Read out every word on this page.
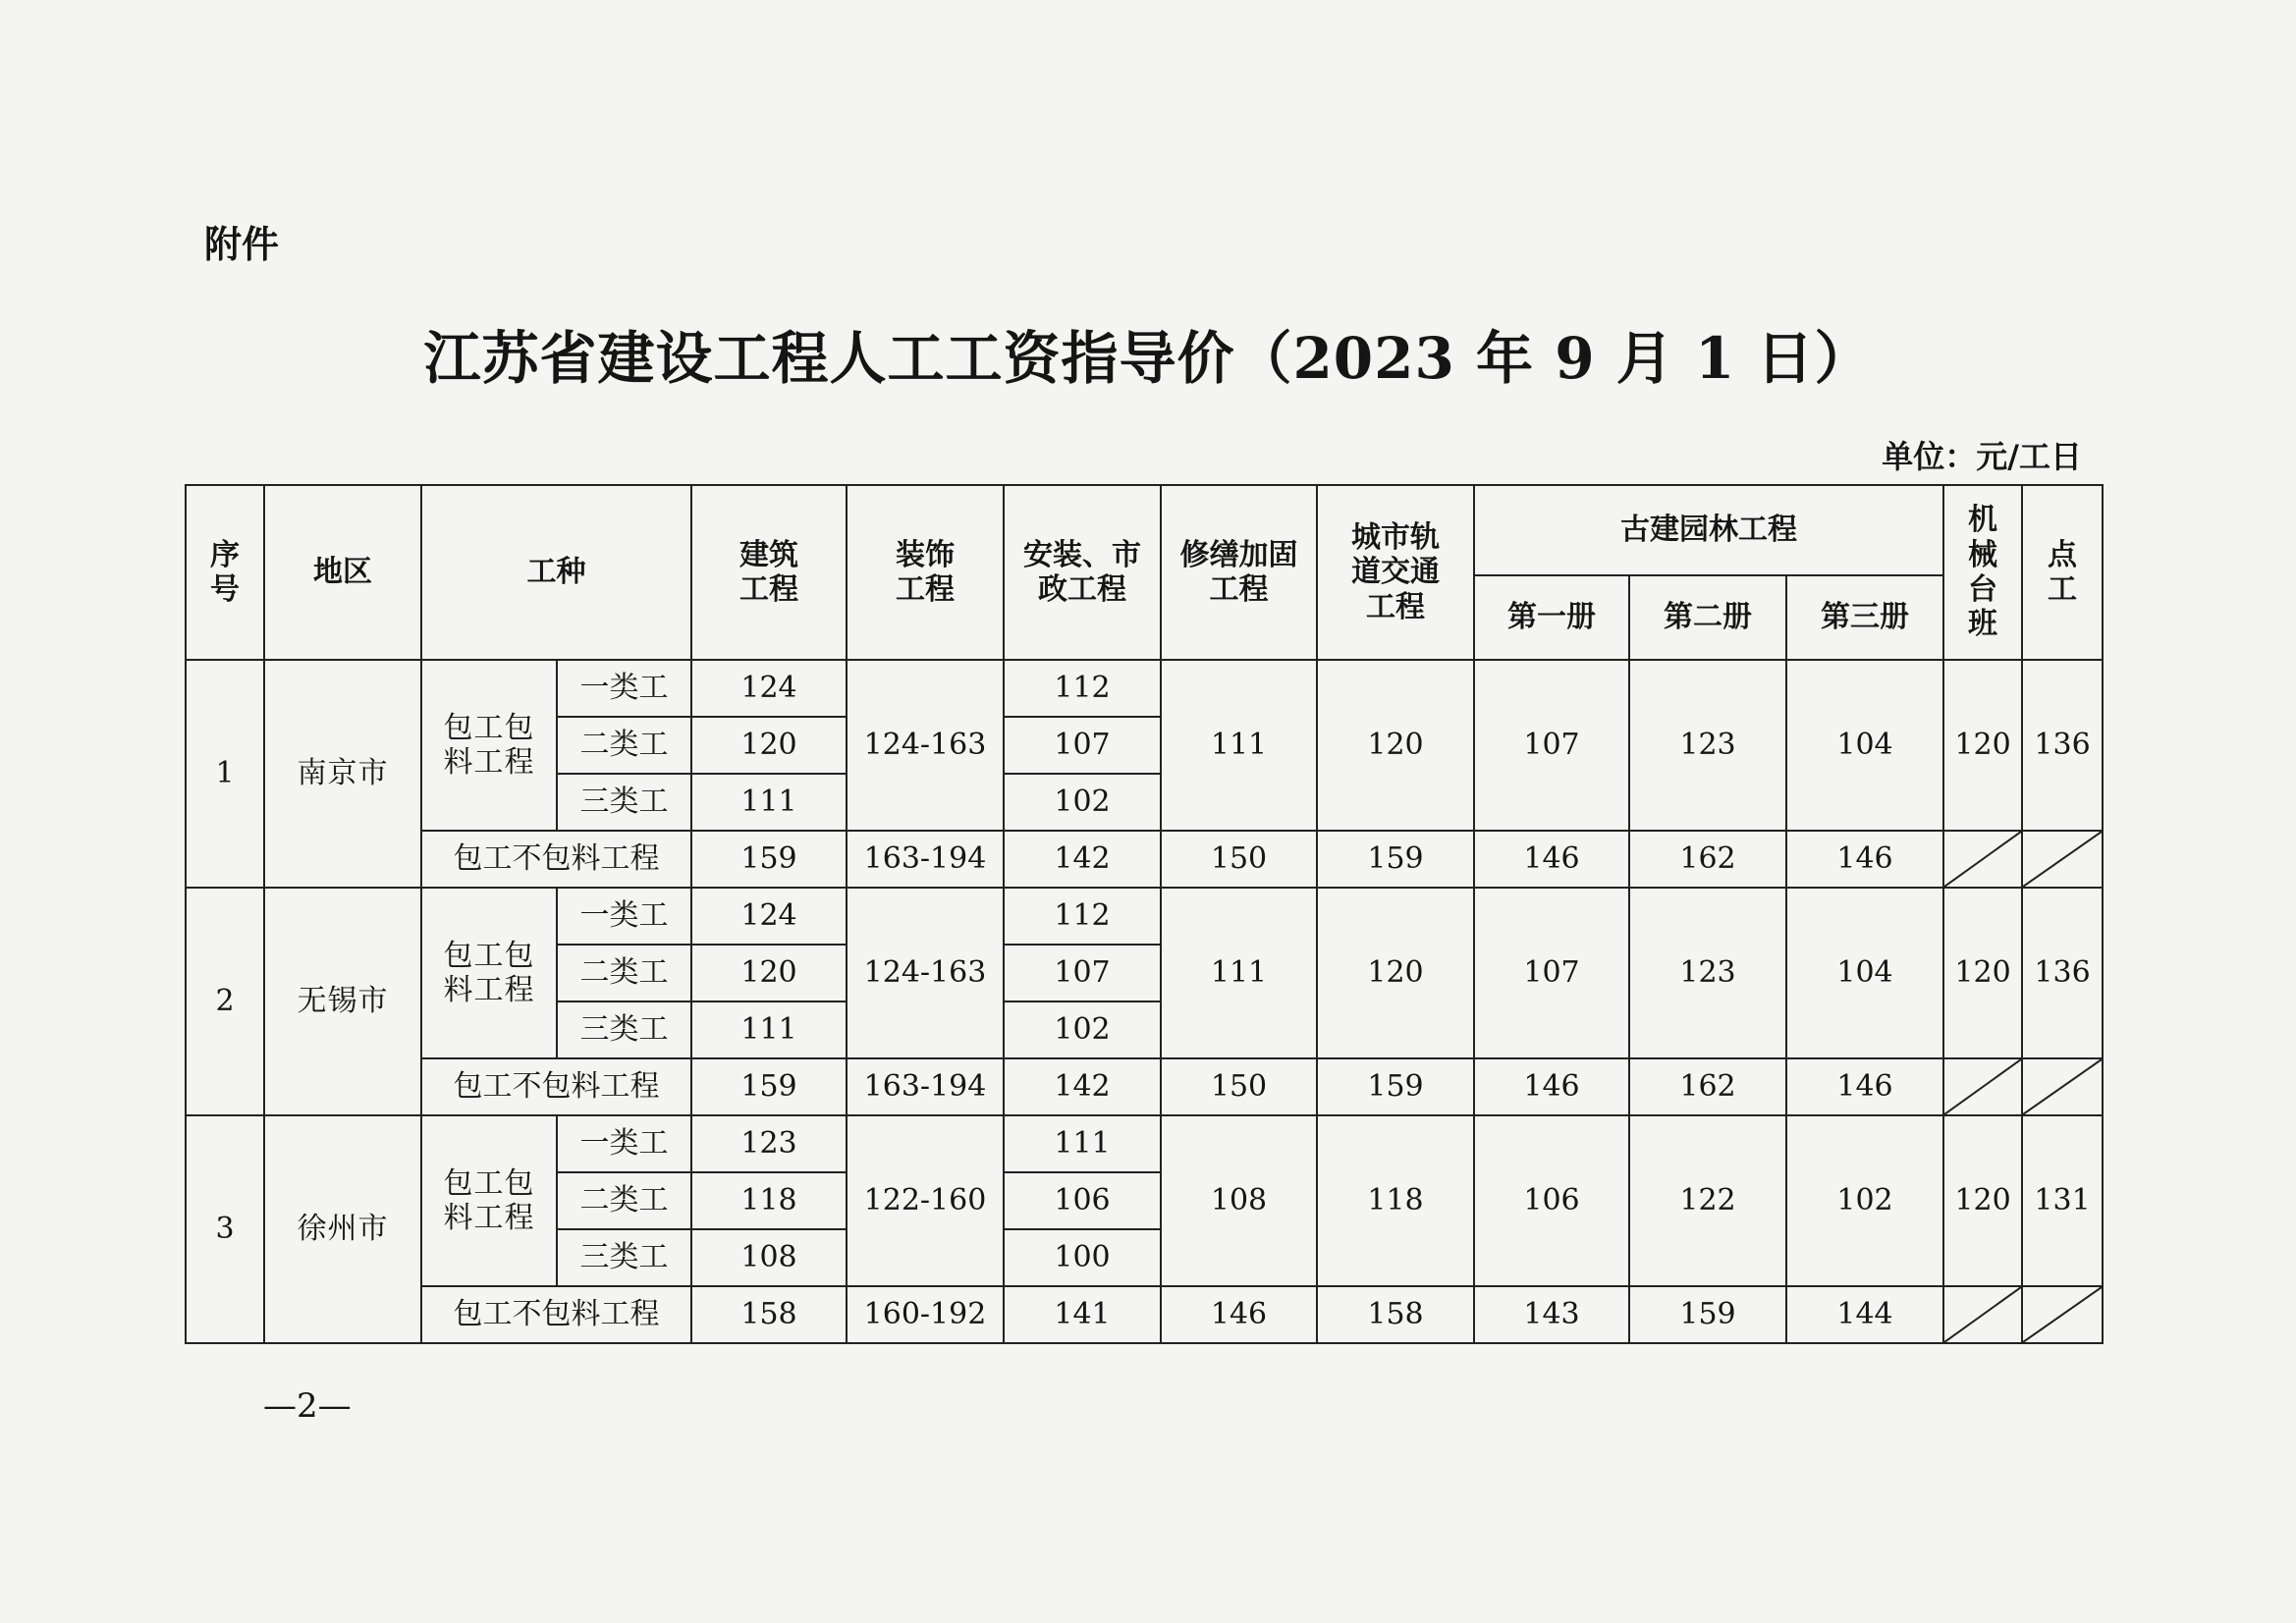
附件
江苏省建设工程人工工资指导价（2023 年 9 月 1 日）
单位：元/工日
序号	地区	工种		建筑工程	装饰工程	安装、市政工程	修缮加固工程	城市轨道交通工程	古建园林工程			机械台班	点工
									第一册	第二册	第三册		
1	南京市	包工包料工程	一类工	124	124-163	112	111	120	107	123	104	120	136
			二类工	120		107							
			三类工	111		102							
		包工不包料工程		159	163-194	142	150	159	146	162	146	

2	无锡市	包工包料工程	一类工	124	124-163	112	111	120	107	123	104	120	136
			二类工	120		107							
			三类工	111		102							
		包工不包料工程		159	163-194	142	150	159	146	162	146	

3	徐州市	包工包料工程	一类工	123	122-160	111	108	118	106	122	102	120	131
			二类工	118		106							
			三类工	108		100							
		包工不包料工程		158	160-192	141	146	158	143	159	144	

—2—
